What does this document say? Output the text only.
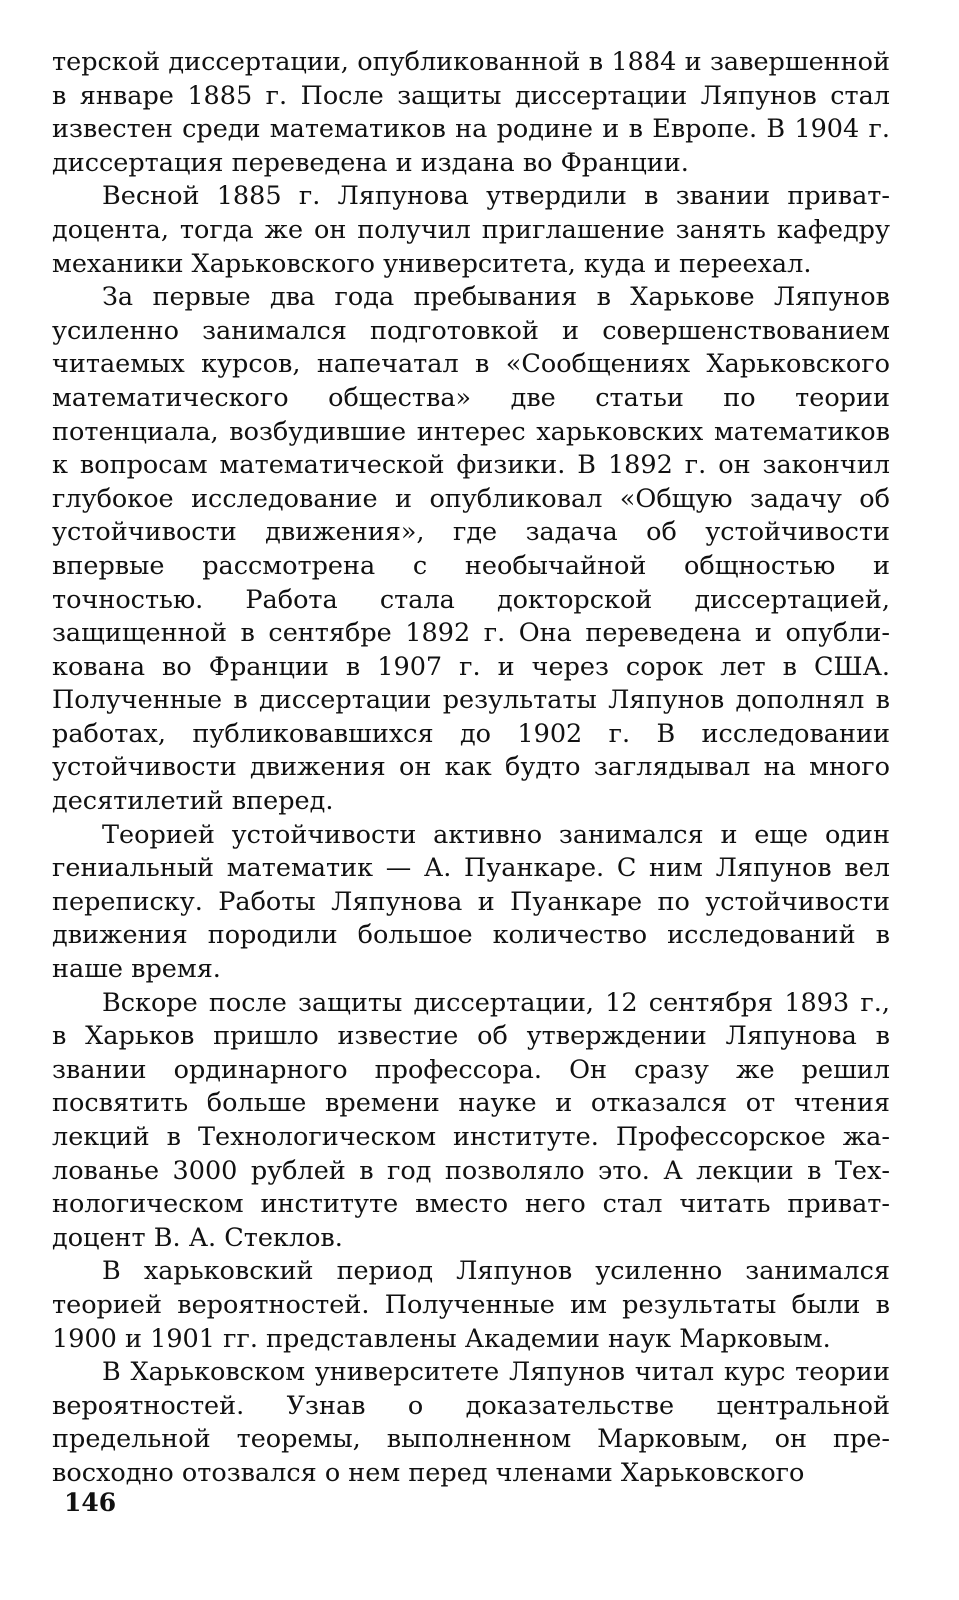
терской диссертации, опубликованной в 1884 и завершенной в январе 1885 г. После защиты диссертации Ляпунов стал известен среди математиков на родине и в Европе. В 1904 г. диссертация переведена и издана во Франции.

Весной 1885 г. Ляпунова утвердили в звании приват-доцента, тогда же он получил приглашение занять кафедру механики Харьковского университета, куда и переехал.

За первые два года пребывания в Харькове Ляпунов усиленно занимался подготовкой и совершенствованием читаемых курсов, напечатал в «Сообщениях Харьковского математического общества» две статьи по теории потенциала, возбудившие интерес харьковских математиков к вопросам математической физики. В 1892 г. он закончил глубокое исследование и опубликовал «Общую задачу об устойчивости движения», где задача об устойчивости впервые рассмотрена с необычайной общностью и точностью. Работа стала докторской диссертацией, защищенной в сентябре 1892 г. Она переведена и опубликована во Франции в 1907 г. и через сорок лет в США. Полученные в диссертации результаты Ляпунов дополнял в работах, публиковавшихся до 1902 г. В исследовании устойчивости движения он как будто заглядывал на много десятилетий вперед.

Теорией устойчивости активно занимался и еще один гениальный математик — А. Пуанкаре. С ним Ляпунов вел переписку. Работы Ляпунова и Пуанкаре по устойчивости движения породили большое количество исследований в наше время.

Вскоре после защиты диссертации, 12 сентября 1893 г., в Харьков пришло известие об утверждении Ляпунова в звании ординарного профессора. Он сразу же решил посвятить больше времени науке и отказался от чтения лекций в Технологическом институте. Профессорское жалованье 3000 рублей в год позволяло это. А лекции в Технологическом институте вместо него стал читать приват-доцент В. А. Стеклов.

В харьковский период Ляпунов усиленно занимался теорией вероятностей. Полученные им результаты были в 1900 и 1901 гг. представлены Академии наук Марковым.

В Харьковском университете Ляпунов читал курс теории вероятностей. Узнав о доказательстве центральной предельной теоремы, выполненном Марковым, он превосходно отозвался о нем перед членами Харьковского

146
